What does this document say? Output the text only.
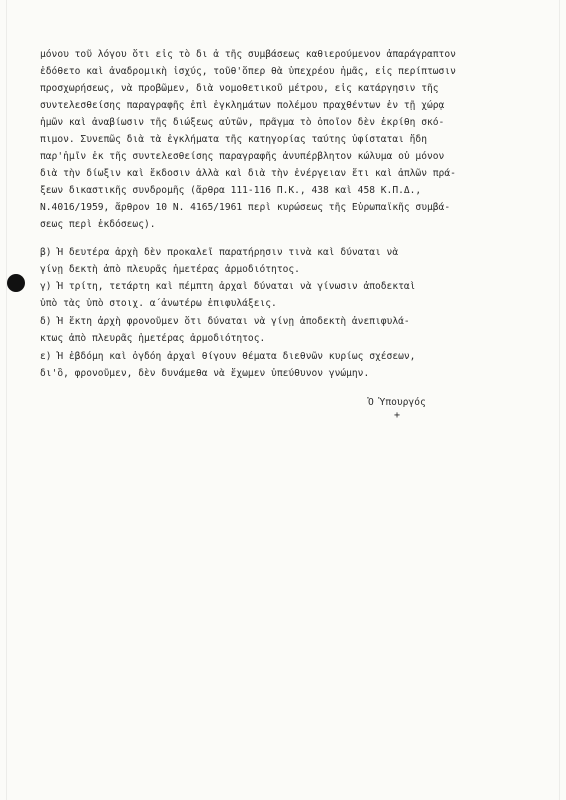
μόνου τοῦ λόγου ὅτι εἰς τὸ δι ἁ τῆς συμβάσεως καθιερούμενον ἀπαράγραπτον
ἐδόθετο καὶ ἀναδρομικὴ ἰσχύς, τοῦθ'ὅπερ θὰ ὑπεχρέου ἡμᾶς, εἰς περίπτωσιν
προσχωρήσεως, νὰ προβῶμεν, διὰ νομοθετικοῦ μέτρου, εἰς κατάργησιν τῆς
συντελεσθείσης παραγραφῆς ἐπὶ ἐγκλημάτων πολέμου πραχθέντων ἐν τῇ χώρᾳ
ἡμῶν καὶ ἀναβίωσιν τῆς διώξεως αὐτῶν, πρᾶγμα τὸ ὁποῖον δὲν ἐκρίθη σκό-
πιμον. Συνεπῶς διὰ τὰ ἐγκλήματα τῆς κατηγορίας ταύτης ὑφίσταται ἤδη
παρ'ἡμῖν ἐκ τῆς συντελεσθείσης παραγραφῆς ἀνυπέρβλητον κώλυμα οὐ μόνον
διὰ τὴν δίωξιν καὶ ἔκδοσιν ἀλλὰ καὶ διὰ τὴν ἐνέργειαν ἔτι καὶ ἁπλῶν πρά-
ξεων δικαστικῆς συνδρομῆς (ἄρθρα 111-116 Π.Κ., 438 καὶ 458 Κ.Π.Δ.,
Ν.4016/1959, ἄρθρον 10 Ν. 4165/1961 περὶ κυρώσεως τῆς Εὐρωπαϊκῆς συμβά-
σεως περὶ ἐκδόσεως).
β) Ἡ δευτέρα ἀρχὴ δὲν προκαλεῖ παρατήρησιν τινὰ καὶ δύναται νὰ
γίνῃ δεκτὴ ἀπὸ πλευρᾶς ἡμετέρας ἁρμοδιότητος.
γ) Ἡ τρίτη, τετάρτη καὶ πέμπτη ἀρχαὶ δύναται νὰ γίνωσιν ἀποδεκταὶ
ὑπὸ τὰς ὑπὸ στοιχ. α΄ἀνωτέρω ἐπιφυλάξεις.
δ) Ἡ ἕκτη ἀρχὴ φρονοῦμεν ὅτι δύναται νὰ γίνῃ ἀποδεκτὴ ἀνεπιφυλά-
κτως ἀπὸ πλευρᾶς ἡμετέρας ἁρμοδιότητος.
ε) Ἡ ἑβδόμη καὶ ὀγδόη ἀρχαὶ θίγουν θέματα διεθνῶν κυρίως σχέσεων,
δι'ὃ, φρονοῦμεν, δὲν δυνάμεθα νὰ ἔχωμεν ὑπεύθυνον γνώμην.
Ὁ Ὑπουργός
+
